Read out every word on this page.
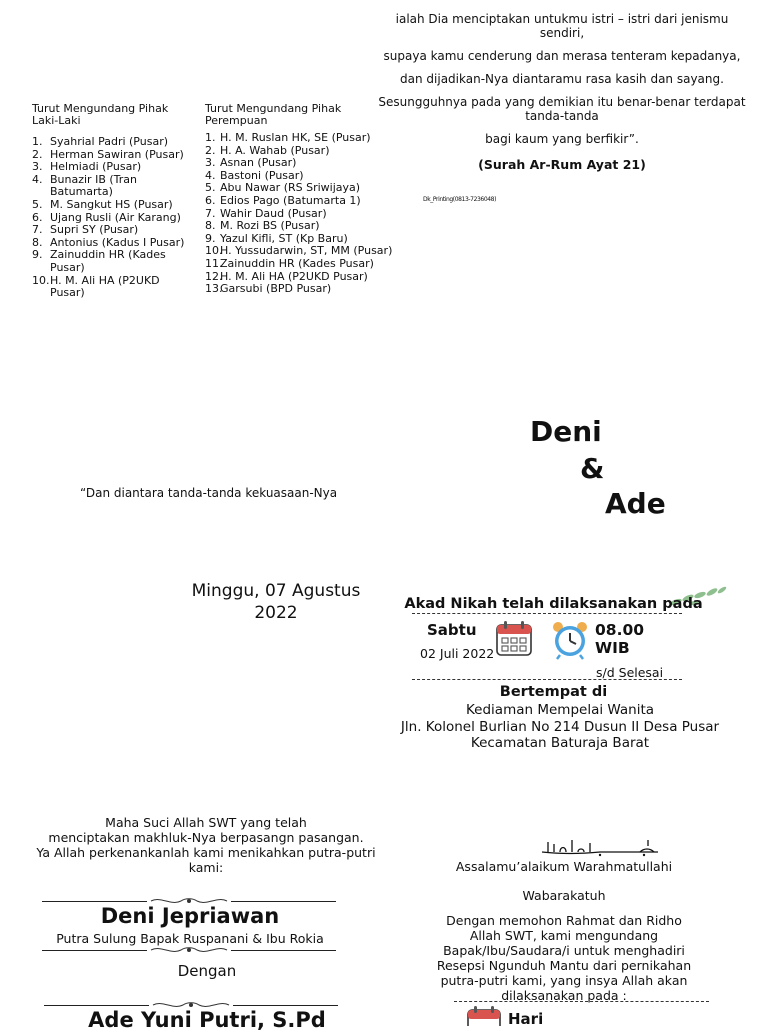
ialah Dia menciptakan untukmu istri – istri dari jenismu sendiri,

supaya kamu cenderung dan merasa tenteram kepadanya,

dan dijadikan-Nya diantaramu rasa kasih dan sayang.

Sesungguhnya pada yang demikian itu benar-benar terdapat tanda-tanda

bagi kaum yang berfikir”.

(Surah Ar-Rum Ayat 21)

Dk_Printing(0813-7236048)
Turut Mengundang Pihak Laki-Laki
1. Syahrial Padri (Pusar)
2. Herman Sawiran (Pusar)
3. Helmiadi (Pusar)
4. Bunazir IB (Tran Batumarta)
5. M. Sangkut HS (Pusar)
6. Ujang Rusli (Air Karang)
7. Supri SY (Pusar)
8. Antonius (Kadus I Pusar)
9. Zainuddin HR (Kades Pusar)
10. H. M. Ali HA (P2UKD Pusar)
Turut Mengundang Pihak Perempuan
1. H. M. Ruslan HK, SE (Pusar)
2. H. A. Wahab (Pusar)
3. Asnan (Pusar)
4. Bastoni (Pusar)
5. Abu Nawar (RS Sriwijaya)
6. Edios Pago (Batumarta 1)
7. Wahir Daud (Pusar)
8. M. Rozi BS (Pusar)
9. Yazul Kifli, ST (Kp Baru)
10.
H. Yussudarwin, ST, MM (Pusar)
11.
Zainuddin HR (Kades Pusar)
12.
H. M. Ali HA (P2UKD Pusar)
13.
Garsubi (BPD Pusar)
“Dan diantara tanda-tanda kekuasaan-Nya
Deni
&
Ade
Minggu, 07 Agustus 2022	Akad Nikah telah dilaksanakan pada
Sabtu
02 Juli 2022
08.00 WIB
s/d Selesai
Bertempat di
Kediaman Mempelai Wanita
Jln. Kolonel Burlian No 214 Dusun II Desa Pusar
Kecamatan Baturaja Barat
Maha Suci Allah SWT yang telah
menciptakan makhluk-Nya berpasangn pasangan.
Ya Allah perkenankanlah kami menikahkan putra-putri kami:
Deni Jepriawan
Putra Sulung Bapak Ruspanani & Ibu Rokia
Dengan
Ade Yuni Putri, S.Pd

Assalamu’alaikum Warahmatullahi

Wabarakatuh

Dengan memohon Rahmat dan Ridho Allah SWT, kami mengundang Bapak/Ibu/Saudara/i untuk menghadiri Resepsi Ngunduh Mantu dari pernikahan putra-putri kami, yang insya Allah akan dilaksanakan pada :

Hari
